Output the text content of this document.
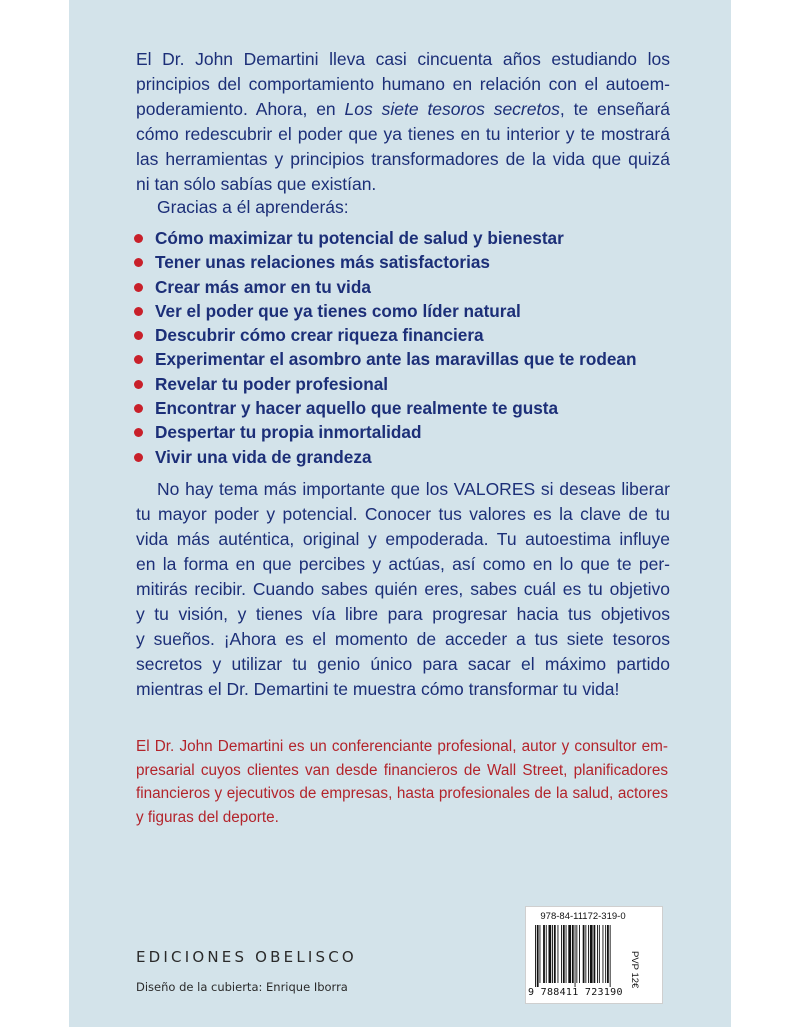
El Dr. John Demartini lleva casi cincuenta años estudiando los
principios del comportamiento humano en relación con el autoem-
poderamiento. Ahora, en Los siete tesoros secretos, te enseñará
cómo redescubrir el poder que ya tienes en tu interior y te mostrará
las herramientas y principios transformadores de la vida que quizá
ni tan sólo sabías que existían.

Gracias a él aprenderás:
Cómo maximizar tu potencial de salud y bienestar
Tener unas relaciones más satisfactorias
Crear más amor en tu vida
Ver el poder que ya tienes como líder natural
Descubrir cómo crear riqueza financiera
Experimentar el asombro ante las maravillas que te rodean
Revelar tu poder profesional
Encontrar y hacer aquello que realmente te gusta
Despertar tu propia inmortalidad
Vivir una vida de grandeza

No hay tema más importante que los VALORES si deseas liberar
tu mayor poder y potencial. Conocer tus valores es la clave de tu
vida más auténtica, original y empoderada. Tu autoestima influye
en la forma en que percibes y actúas, así como en lo que te per-
mitirás recibir. Cuando sabes quién eres, sabes cuál es tu objetivo
y tu visión, y tienes vía libre para progresar hacia tus objetivos
y sueños. ¡Ahora es el momento de acceder a tus siete tesoros
secretos y utilizar tu genio único para sacar el máximo partido
mientras el Dr. Demartini te muestra cómo transformar tu vida!

El Dr. John Demartini es un conferenciante profesional, autor y consultor em-
presarial cuyos clientes van desde financieros de Wall Street, planificadores
financieros y ejecutivos de empresas, hasta profesionales de la salud, actores
y figuras del deporte.

EDICIONES OBELISCO
Diseño de la cubierta: Enrique Iborra
978-84-11172-319-0
9 788411 723190
PVP 12€
